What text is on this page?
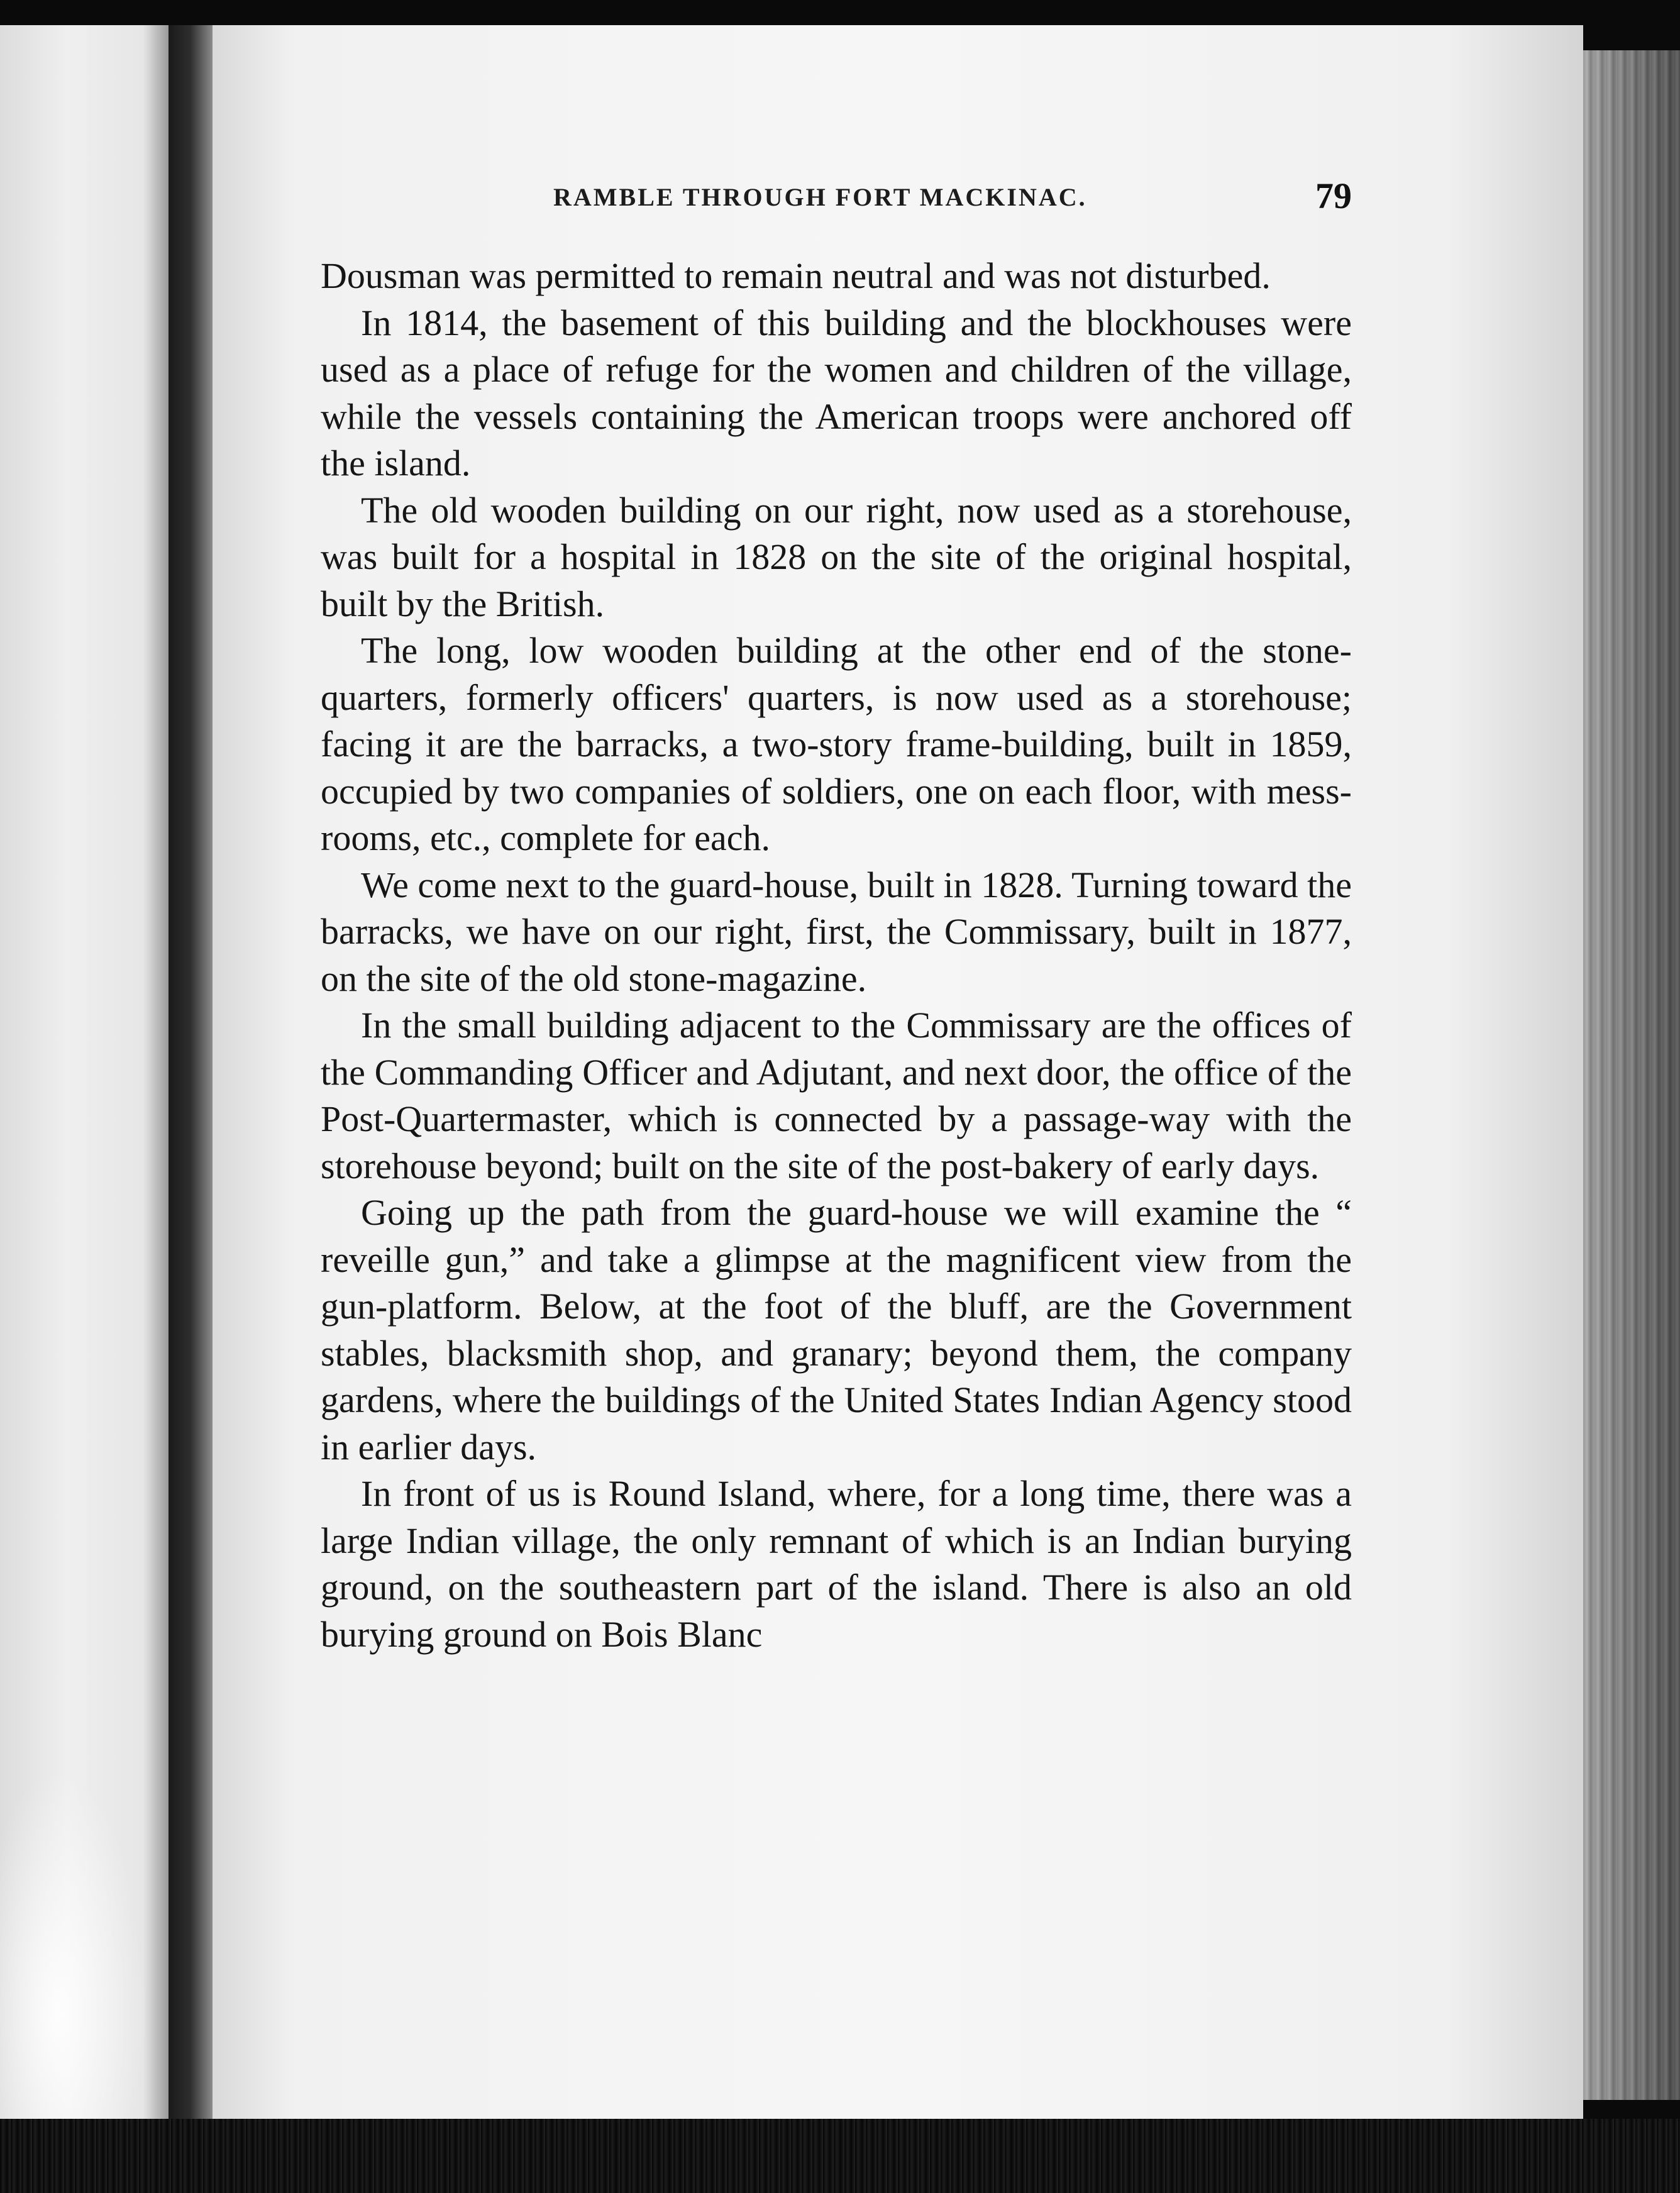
RAMBLE THROUGH FORT MACKINAC.	79

Dousman was permitted to remain neutral and was not disturbed.

In 1814, the basement of this building and the blockhouses were used as a place of refuge for the women and children of the village, while the vessels containing the American troops were anchored off the island.

The old wooden building on our right, now used as a storehouse, was built for a hospital in 1828 on the site of the original hospital, built by the British.

The long, low wooden building at the other end of the stone-quarters, formerly officers' quarters, is now used as a storehouse; facing it are the barracks, a two-story frame-building, built in 1859, occupied by two companies of soldiers, one on each floor, with mess-rooms, etc., complete for each.

We come next to the guard-house, built in 1828. Turning toward the barracks, we have on our right, first, the Commissary, built in 1877, on the site of the old stone-magazine.

In the small building adjacent to the Commissary are the offices of the Commanding Officer and Adjutant, and next door, the office of the Post-Quartermaster, which is connected by a passage-way with the storehouse beyond; built on the site of the post-bakery of early days.

Going up the path from the guard-house we will examine the “ reveille gun,” and take a glimpse at the magnificent view from the gun-platform. Below, at the foot of the bluff, are the Government stables, blacksmith shop, and granary; beyond them, the company gardens, where the buildings of the United States Indian Agency stood in earlier days.

In front of us is Round Island, where, for a long time, there was a large Indian village, the only remnant of which is an Indian burying ground, on the southeastern part of the island. There is also an old burying ground on Bois Blanc
